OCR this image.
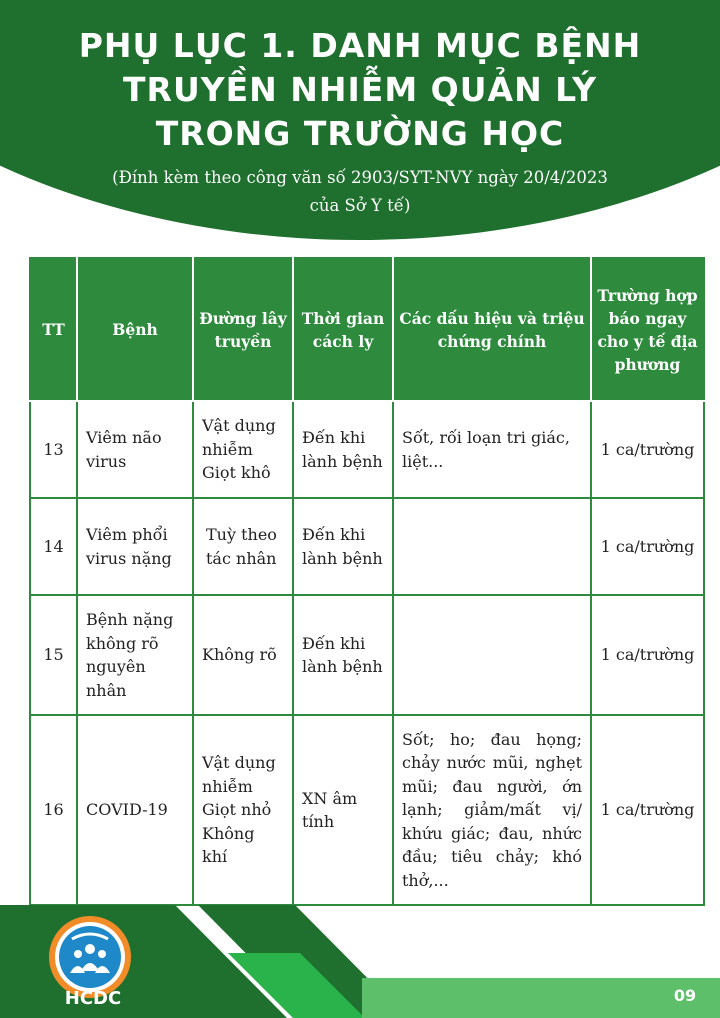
PHỤ LỤC 1. DANH MỤC BỆNH
TRUYỀN NHIỄM QUẢN LÝ
TRONG TRƯỜNG HỌC
(Đính kèm theo công văn số 2903/SYT-NVY ngày 20/4/2023
của Sở Y tế)
TT	Bệnh	Đường lây truyền	Thời gian cách ly	Các dấu hiệu và triệu chứng chính	Trường hợp báo ngay cho y tế địa phương
13	Viêm não virus	Vật dụng nhiễm Giọt khô	Đến khi lành bệnh	Sốt, rối loạn tri giác, liệt...	1 ca/trường
14	Viêm phổi virus nặng	Tuỳ theo tác nhân	Đến khi lành bệnh		1 ca/trường
15	Bệnh nặng không rõ nguyên nhân	Không rõ	Đến khi lành bệnh		1 ca/trường
16	COVID-19	Vật dụng nhiễm Giọt nhỏ Không khí	XN âm tính	Sốt; ho; đau họng; chảy nước mũi, nghẹt mũi; đau người, ớn lạnh; giảm/mất vị/ khứu giác; đau, nhức đầu; tiêu chảy; khó thở,...	1 ca/trường
HCDC	09
